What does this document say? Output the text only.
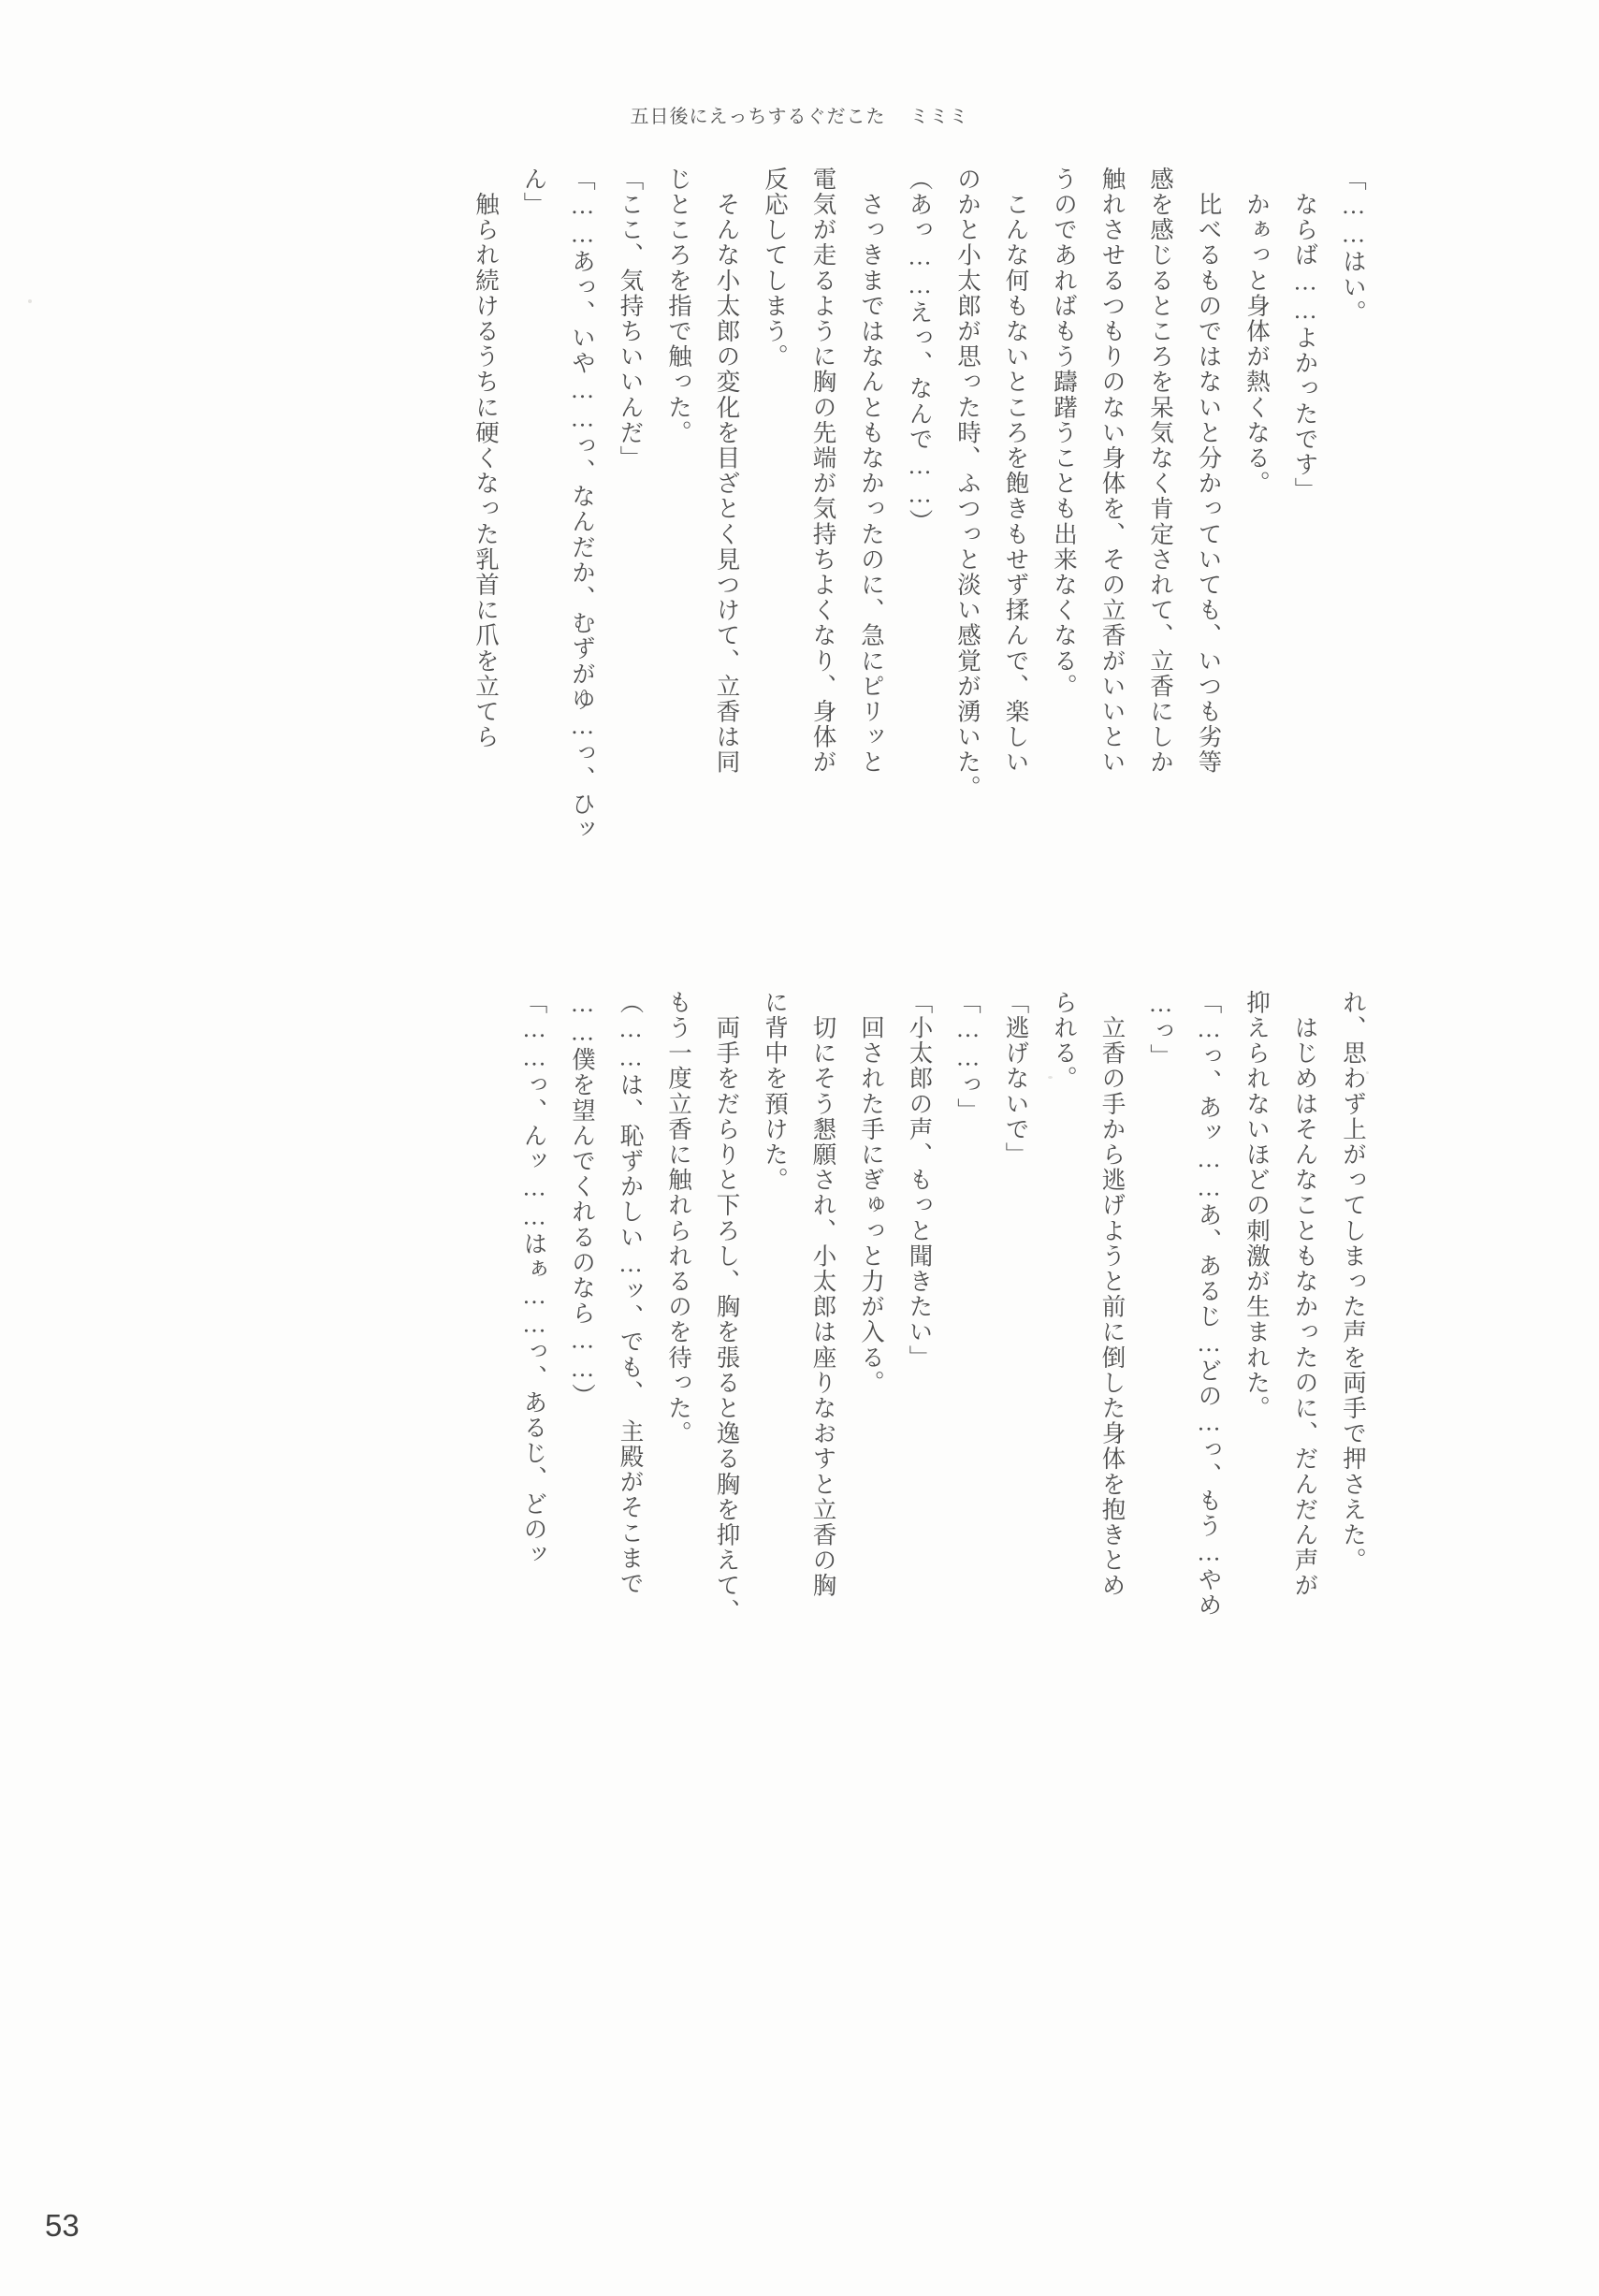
五日後にえっちするぐだこた ミミミ

「……はい。
　ならば……よかったです」
　かぁっと身体が熱くなる。
　比べるものではないと分かっていても、いつも劣等
感を感じるところを呆気なく肯定されて、立香にしか
触れさせるつもりのない身体を、その立香がいいとい
うのであればもう躊躇うことも出来なくなる。
　こんな何もないところを飽きもせず揉んで、楽しい
のかと小太郎が思った時、ふつっと淡い感覚が湧いた。
（あっ……えっ、なんで……）
　さっきまではなんともなかったのに、急にピリッと
電気が走るように胸の先端が気持ちよくなり、身体が
反応してしまう。
　そんな小太郎の変化を目ざとく見つけて、立香は同
じところを指で触った。
「ここ、気持ちいいんだ」
「……あっ、いや……っ、なんだか、むずがゆ…っ、ひッ
ん」
　触られ続けるうちに硬くなった乳首に爪を立てら

れ、思わず上がってしまった声を両手で押さえた。
　はじめはそんなこともなかったのに、だんだん声が
抑えられないほどの刺激が生まれた。
「…っ、あッ……あ、あるじ…どの…っ、もう…やめ
…っ」
　立香の手から逃げようと前に倒した身体を抱きとめ
られる。
「逃げないで」
「……っ」
「小太郎の声、もっと聞きたい」
　回された手にぎゅっと力が入る。
　切にそう懇願され、小太郎は座りなおすと立香の胸
に背中を預けた。
　両手をだらりと下ろし、胸を張ると逸る胸を抑えて、
もう一度立香に触れられるのを待った。
（……は、恥ずかしい…ッ、でも、　主殿がそこまで
……僕を望んでくれるのなら……）
「……っ、んッ……はぁ……っ、あるじ、どのッ

53
